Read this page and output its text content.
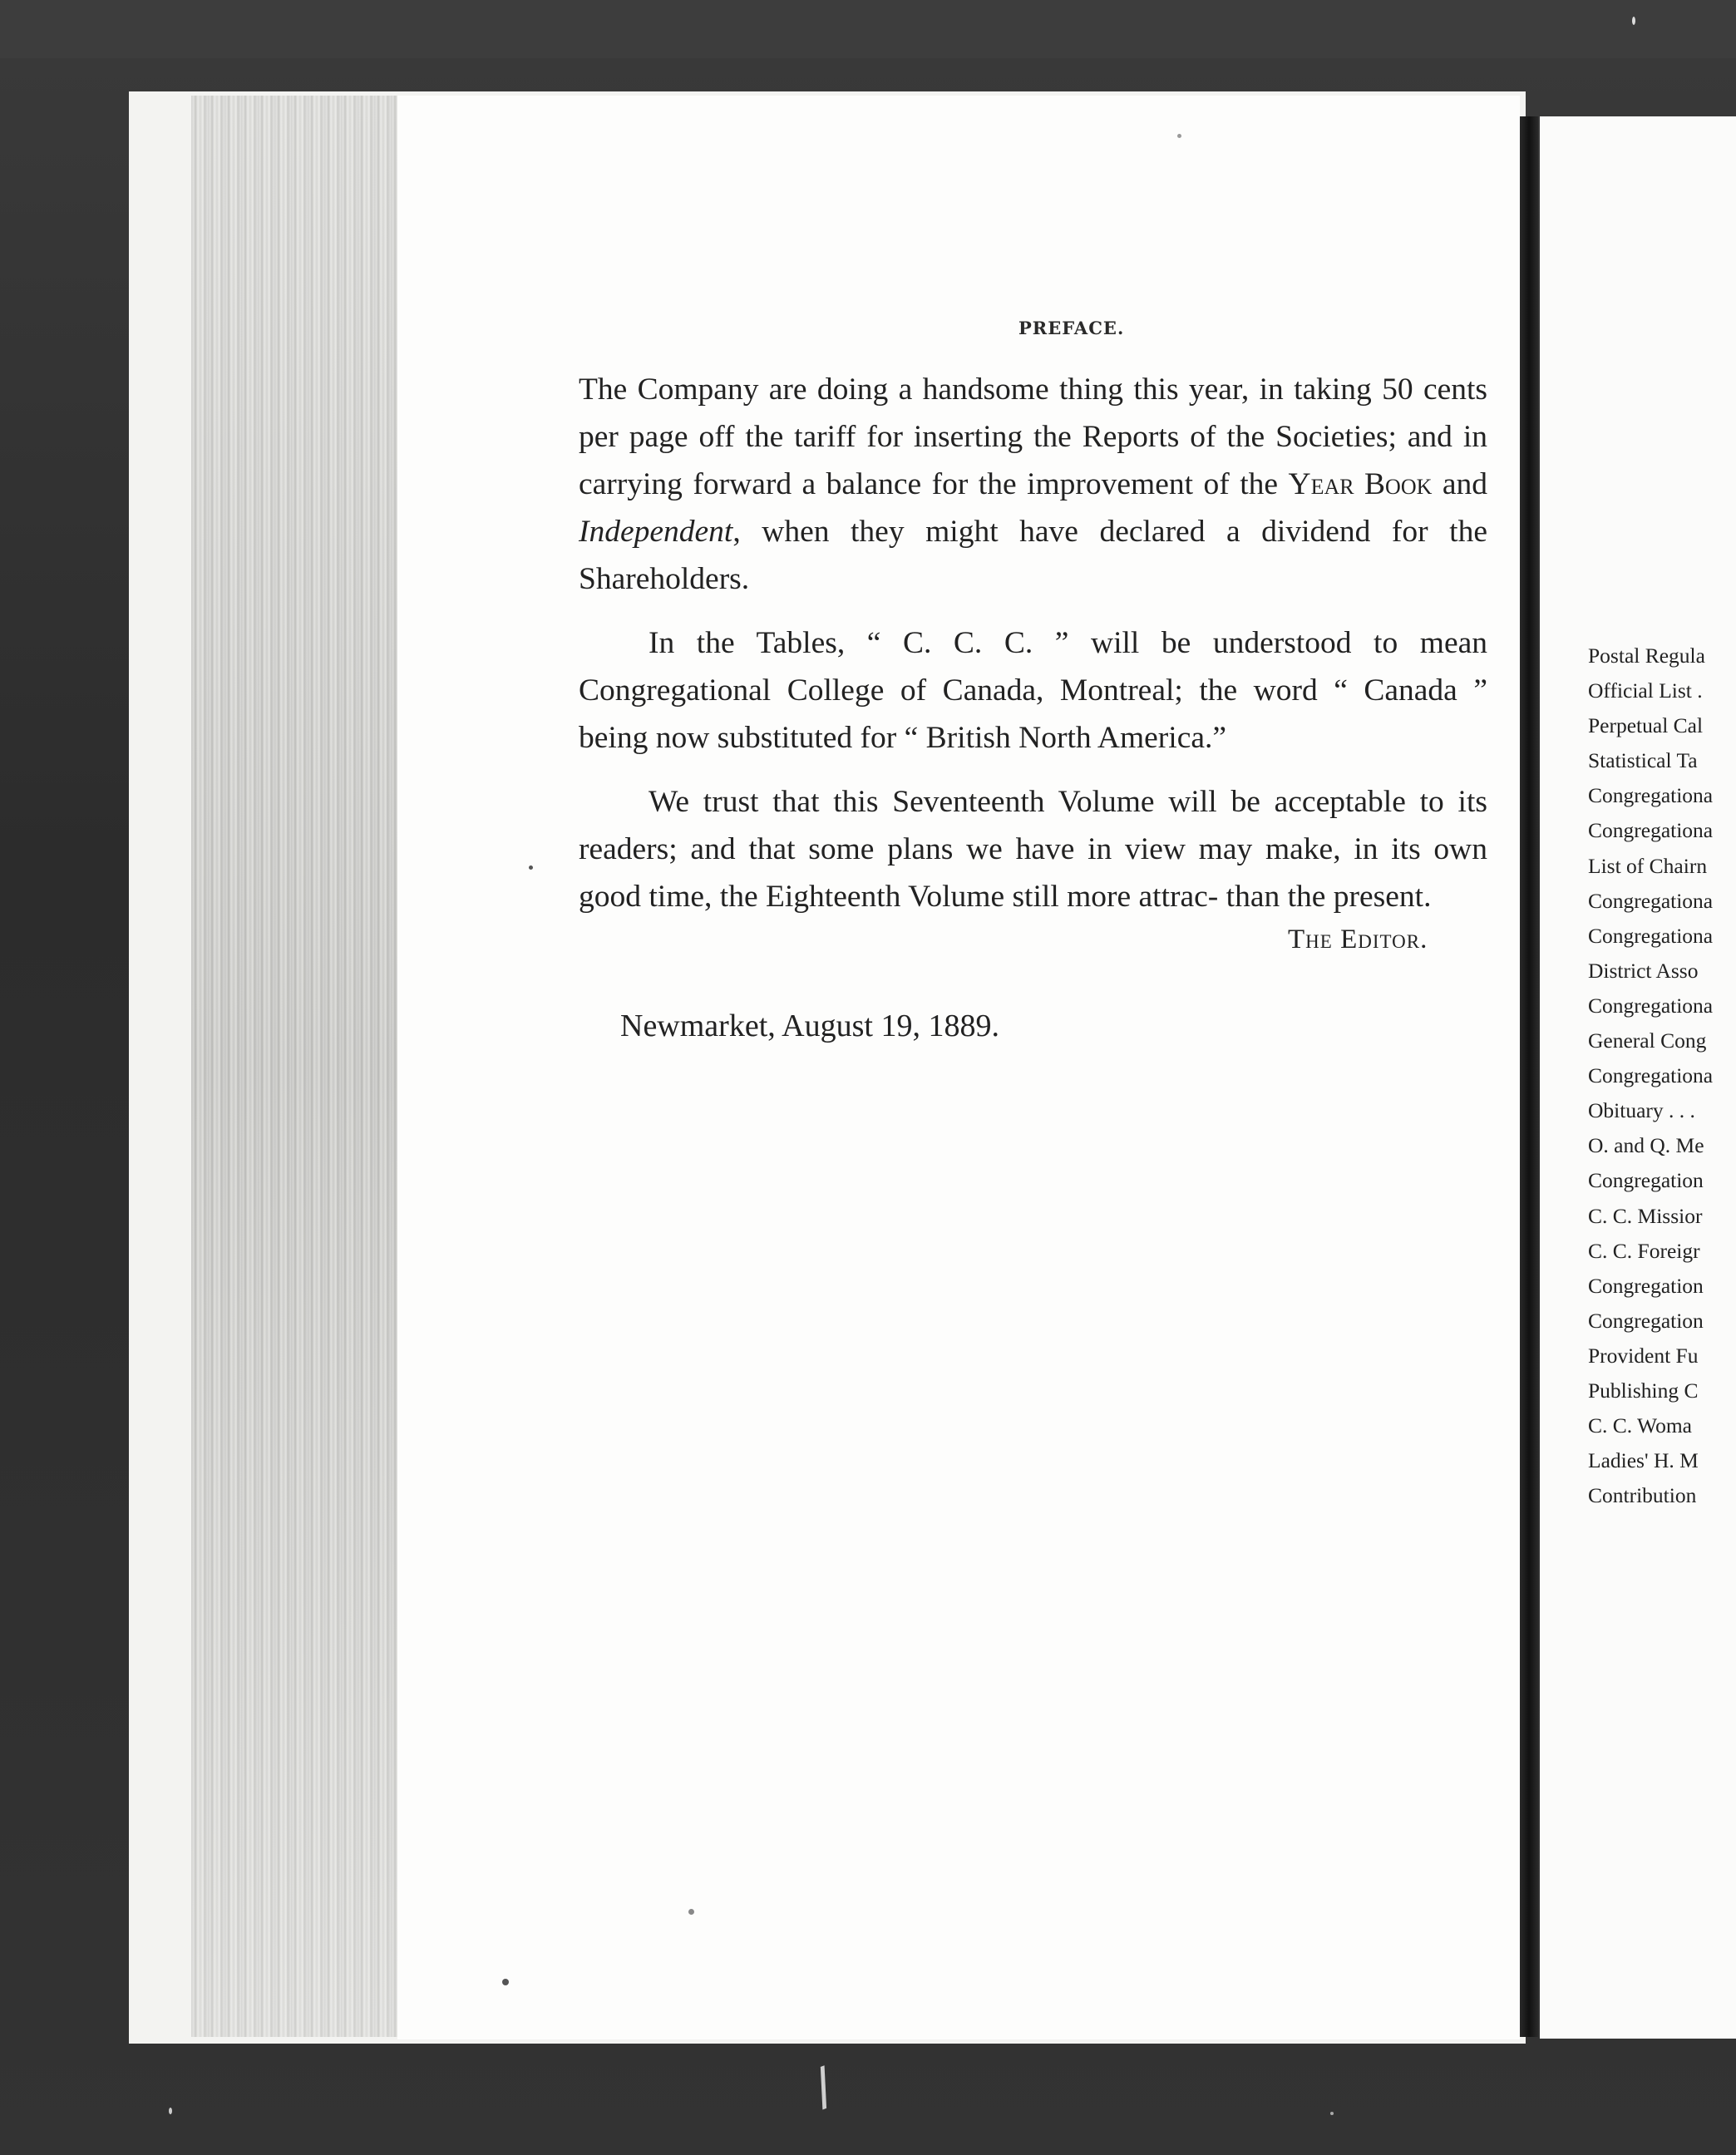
PREFACE.

The Company are doing a handsome thing this year, in taking 50 cents per page off the tariff for inserting the Reports of the Societies; and in carrying forward a balance for the improvement of the Year Book and Independent, when they might have declared a dividend for the Shareholders.

In the Tables, “ C. C. C. ” will be understood to mean Congregational College of Canada, Montreal; the word “ Canada ” being now substituted for “ British North America.”

We trust that this Seventeenth Volume will be acceptable to its readers; and that some plans we have in view may make, in its own good time, the Eighteenth Volume still more attrac- than the present.

The Editor.
Newmarket, August 19, 1889.
Postal Regula
Official List .
Perpetual Cal
Statistical Ta
Congregationa
Congregationa
List of Chairn
Congregationa
Congregationa
District Asso
Congregationa
General Cong
Congregationa
Obituary . . .
O. and Q. Me
Congregation
C. C. Missior
C. C. Foreigr
Congregation
Congregation
Provident Fu
Publishing C
C. C. Woma
Ladies' H. M
Contribution
/
